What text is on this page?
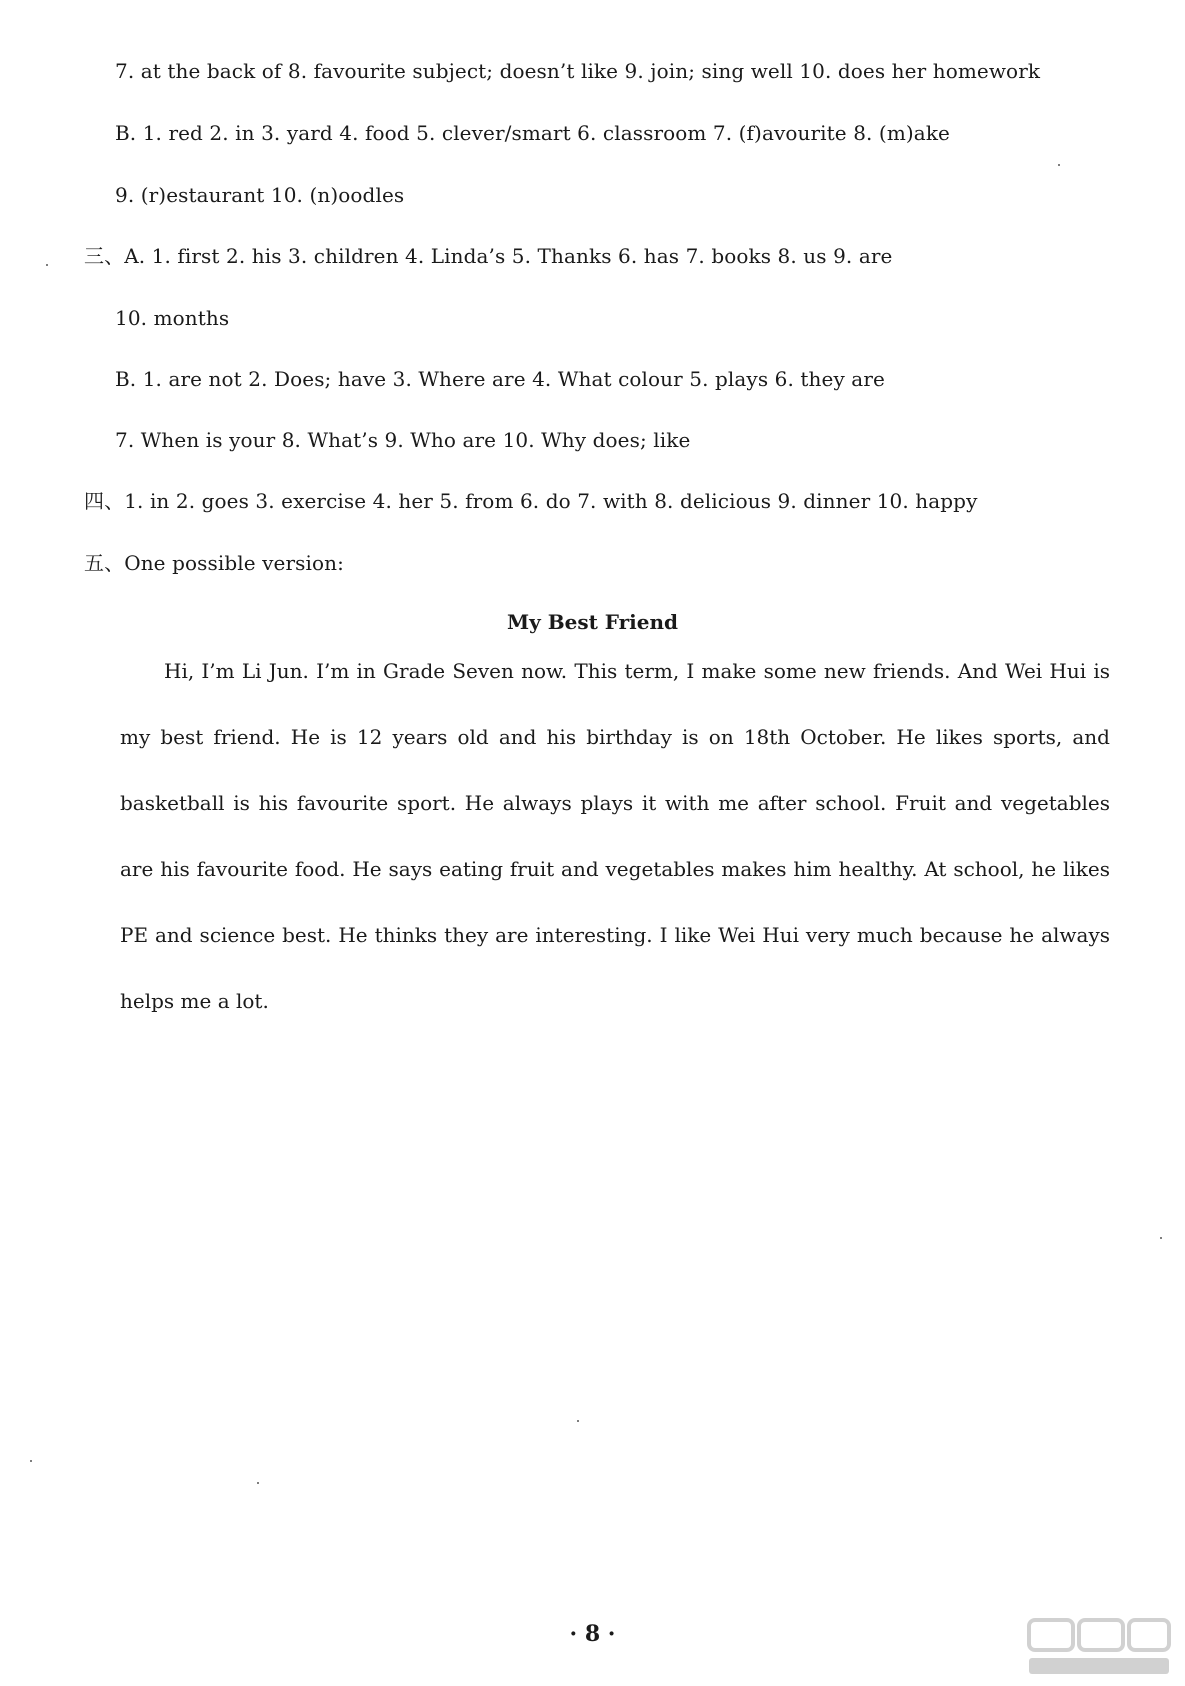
7. at the back of 8. favourite subject; doesn’t like 9. join; sing well 10. does her homework
B. 1. red 2. in 3. yard 4. food 5. clever/smart 6. classroom 7. (f)avourite 8. (m)ake
9. (r)estaurant 10. (n)oodles
三、A. 1. first 2. his 3. children 4. Linda’s 5. Thanks 6. has 7. books 8. us 9. are
10. months
B. 1. are not 2. Does; have 3. Where are 4. What colour 5. plays 6. they are
7. When is your 8. What’s 9. Who are 10. Why does; like
四、1. in 2. goes 3. exercise 4. her 5. from 6. do 7. with 8. delicious 9. dinner 10. happy
五、One possible version:
My Best Friend
Hi, I’m Li Jun. I’m in Grade Seven now. This term, I make some new friends. And Wei Hui is my best friend. He is 12 years old and his birthday is on 18th October. He likes sports, and basketball is his favourite sport. He always plays it with me after school. Fruit and vegetables are his favourite food. He says eating fruit and vegetables makes him healthy. At school, he likes PE and science best. He thinks they are interesting. I like Wei Hui very much because he always helps me a lot.
· 8 ·
